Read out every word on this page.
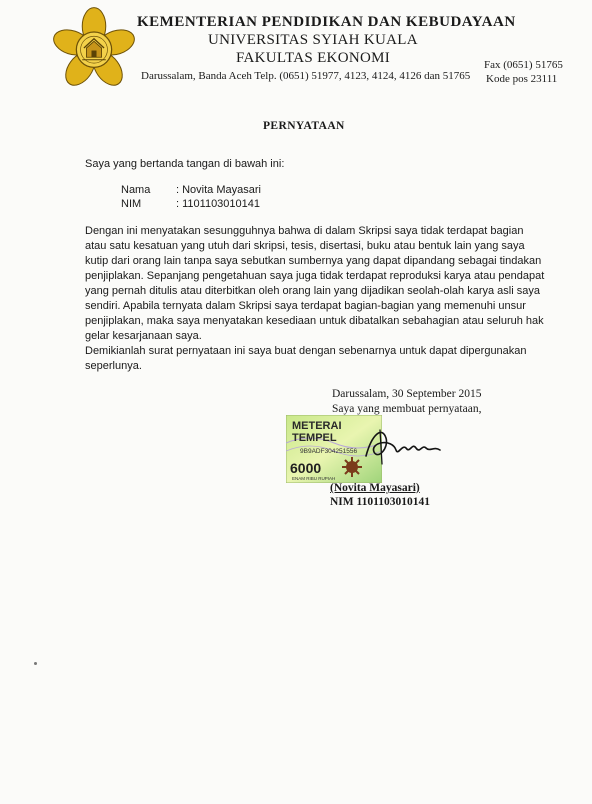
KEMENTERIAN PENDIDIKAN DAN KEBUDAYAAN
UNIVERSITAS SYIAH KUALA
FAKULTAS EKONOMI
Darussalam, Banda Aceh Telp. (0651) 51977, 4123, 4124, 4126 dan 51765
Fax (0651) 51765
Kode pos 23111
PERNYATAAN
Saya yang bertanda tangan di bawah ini:
Nama : Novita Mayasari
NIM	: 1101103010141
Dengan ini menyatakan sesungguhnya bahwa di dalam Skripsi saya tidak terdapat bagian
atau satu kesatuan yang utuh dari skripsi, tesis, disertasi, buku atau bentuk lain yang saya
kutip dari orang lain tanpa saya sebutkan sumbernya yang dapat dipandang sebagai tindakan
penjiplakan. Sepanjang pengetahuan saya juga tidak terdapat reproduksi karya atau pendapat
yang pernah ditulis atau diterbitkan oleh orang lain yang dijadikan seolah-olah karya asli saya
sendiri. Apabila ternyata dalam Skripsi saya terdapat bagian-bagian yang memenuhi unsur
penjiplakan, maka saya menyatakan kesediaan untuk dibatalkan sebahagian atau seluruh hak
gelar kesarjanaan saya.
Demikianlah surat pernyataan ini saya buat dengan sebenarnya untuk dapat dipergunakan
seperlunya.
Darussalam, 30 September 2015
Saya yang membuat pernyataan,
METERAI
TEMPEL
9B9ADF304251556
6000
ENAM RIBU RUPIAH
(Novita Mayasari)
NIM 1101103010141
